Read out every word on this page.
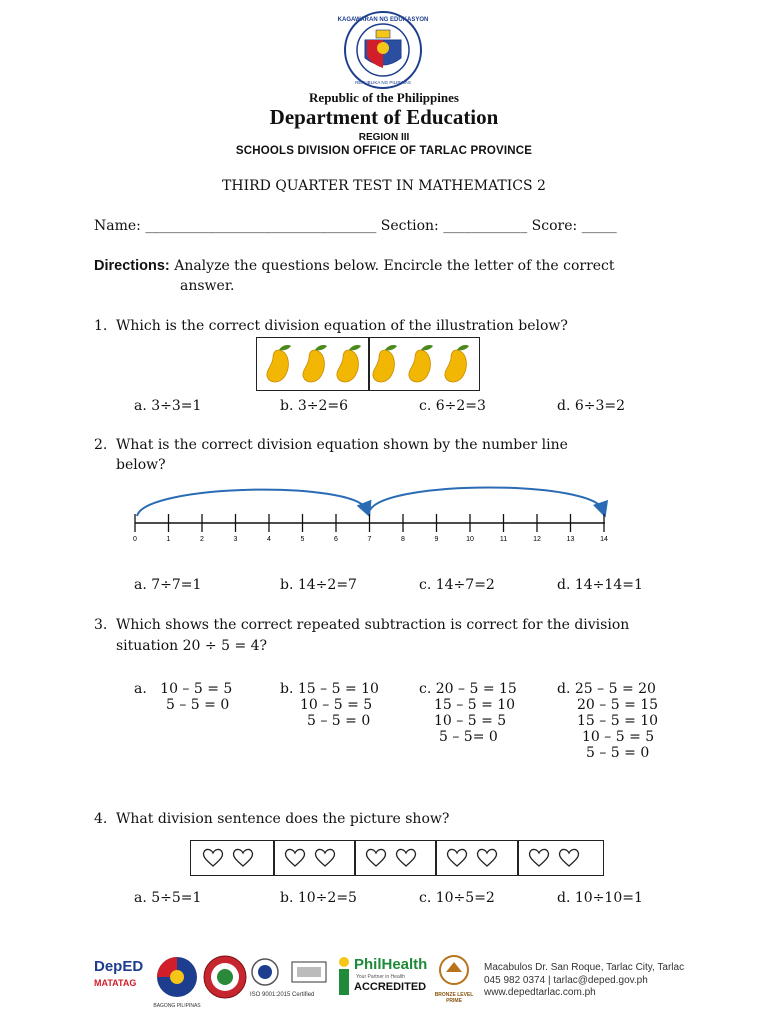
KAGAWARAN NG EDUKASYON
REPUBLIKA NG PILIPINAS
Republic of the Philippines
Department of Education
REGION III
SCHOOLS DIVISION OFFICE OF TARLAC PROVINCE
THIRD QUARTER TEST IN MATHEMATICS 2
Name: _________________________________ Section: ____________ Score: _____
Directions: Analyze the questions below. Encircle the letter of the correct
answer.
1. Which is the correct division equation of the illustration below?
a. 3÷3=1	b. 3÷2=6	c. 6÷2=3	d. 6÷3=2
2. What is the correct division equation shown by the number line
below?
0	1	2	3	4	5	6	7	8	9	10	11	12	13	14
a. 7÷7=1	b. 14÷2=7	c. 14÷7=2	d. 14÷14=1
3. Which shows the correct repeated subtraction is correct for the division
situation 20 ÷ 5 = 4?
a. 10 – 5 = 5
5 – 5 = 0
b. 15 – 5 = 10
10 – 5 = 5
5 – 5 = 0
c. 20 – 5 = 15
15 – 5 = 10
10 – 5 = 5
5 – 5= 0
d. 25 – 5 = 20
20 – 5 = 15
15 – 5 = 10
10 – 5 = 5
5 – 5 = 0
4. What division sentence does the picture show?
a. 5÷5=1	b. 10÷2=5	c. 10÷5=2	d. 10÷10=1
DepED
MATATAG
BAGONG PILIPINAS
ISO 9001:2015 Certified
PhilHealth
Your Partner in Health
ACCREDITED
BRONZE LEVEL PRIME
Macabulos Dr. San Roque, Tarlac City, Tarlac
045 982 0374 | tarlac@deped.gov.ph
www.depedtarlac.com.ph
